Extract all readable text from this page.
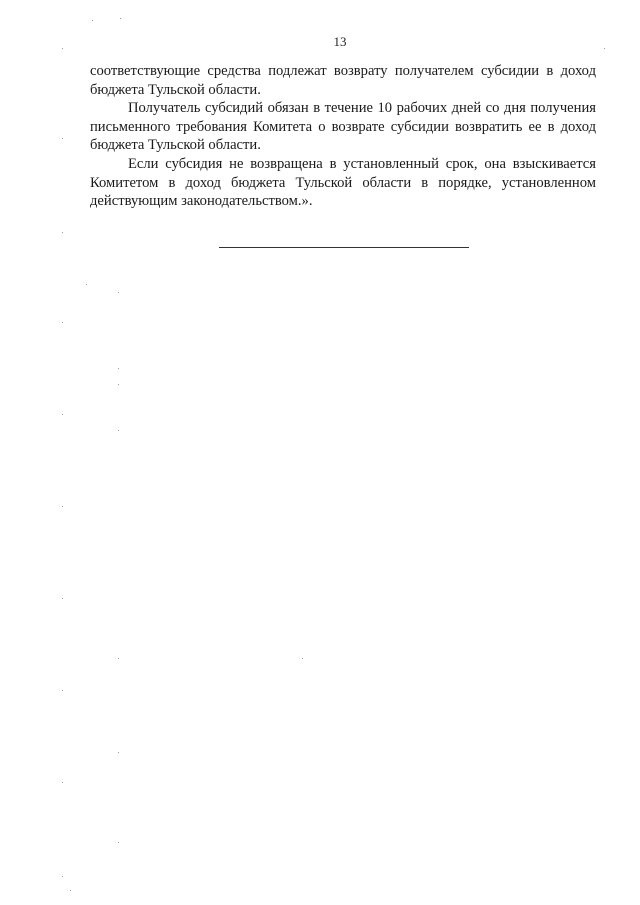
13

соответствующие средства подлежат возврату получателем субсидии в доход бюджета Тульской области.

Получатель субсидий обязан в течение 10 рабочих дней со дня получения письменного требования Комитета о возврате субсидии возвратить ее в доход бюджета Тульской области.

Если субсидия не возвращена в установленный срок, она взыскивается Комитетом в доход бюджета Тульской области в порядке, установленном действующим законодательством.».
